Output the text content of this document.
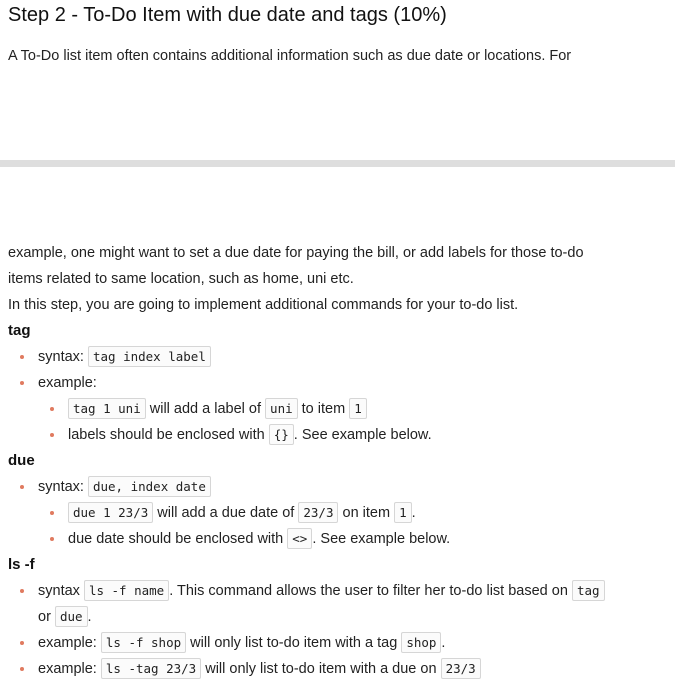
Step 2 - To-Do Item with due date and tags (10%)

A To-Do list item often contains additional information such as due date or locations. For

example, one might want to set a due date for paying the bill, or add labels for those to-do

items related to same location, such as home, uni etc.

In this step, you are going to implement additional commands for your to-do list.

tag

syntax: tag index label
example:
tag 1 uni will add a label of uni to item 1
labels should be enclosed with {} . See example below.

due

syntax: due, index date
due 1 23/3 will add a due date of 23/3 on item 1 .
due date should be enclosed with <> . See example below.

ls -f

syntax ls -f name . This command allows the user to filter her to-do list based on tag
or due .
example: ls -f shop will only list to-do item with a tag shop .
example: ls -tag 23/3 will only list to-do item with a due on 23/3
